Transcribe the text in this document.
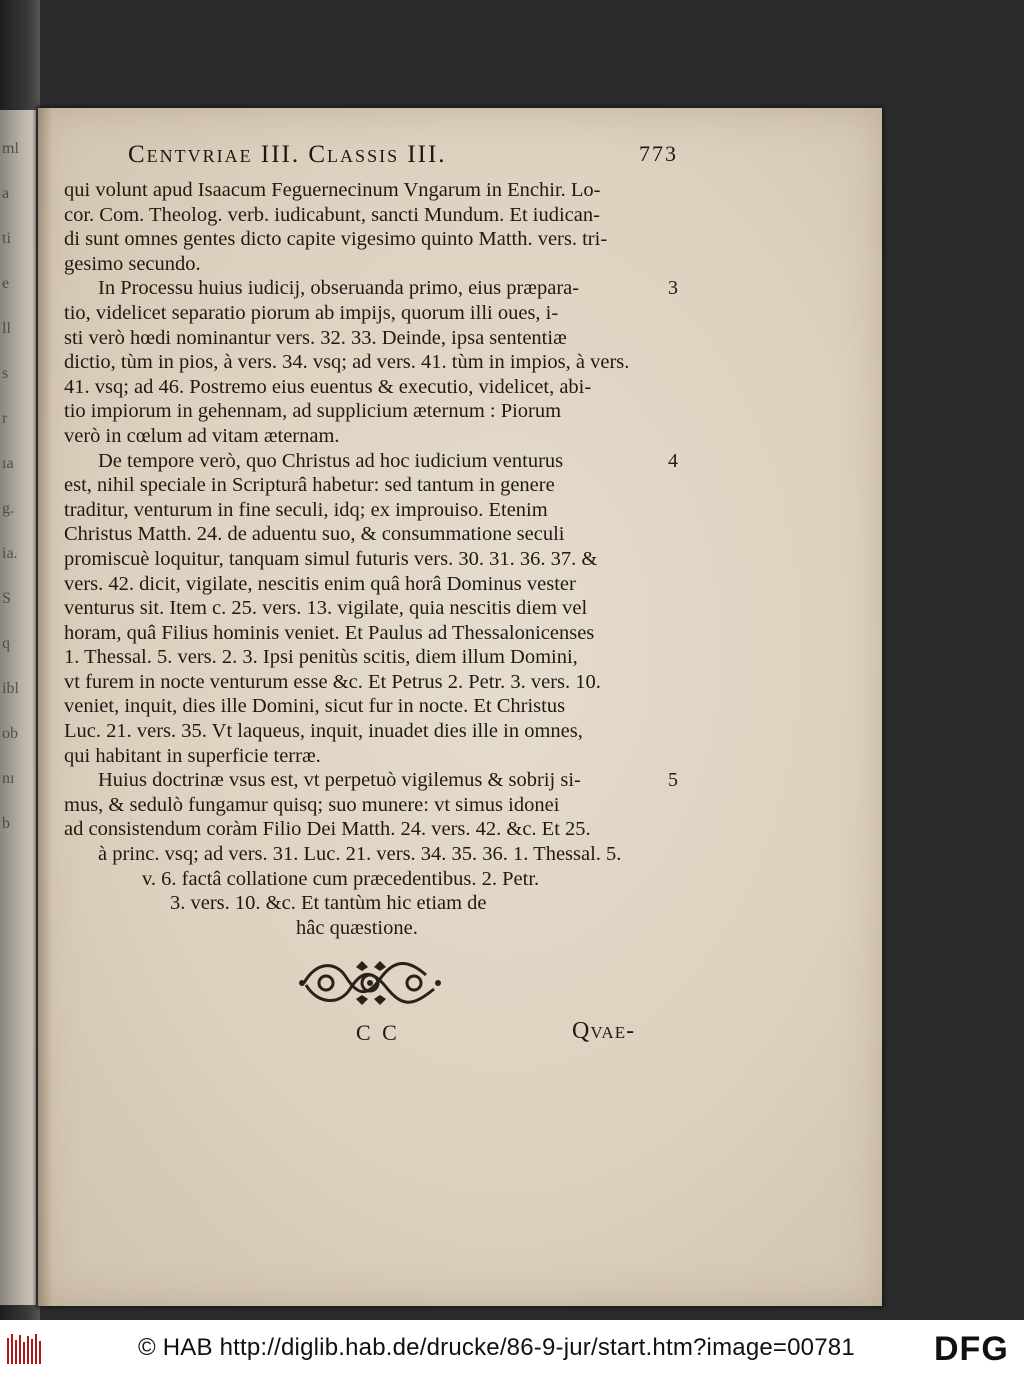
ml
a
ti
e
ll
s
r
ıa
g.
ia.
S
q
ibl
ob
nı
b
Centvriae III. Classis III.	773
qui volunt apud Isaacum Feguernecinum Vngarum in Enchir. Lo-
cor. Com. Theolog. verb. iudicabunt, sancti Mundum. Et iudican-
di sunt omnes gentes dicto capite vigesimo quinto Matth. vers. tri-
gesimo secundo.
In Processu huius iudicij, obseruanda primo, eius præpara-	3
tio, videlicet separatio piorum ab impijs, quorum illi oues, i-
sti verò hœdi nominantur vers. 32. 33. Deinde, ipsa sententiæ
dictio, tùm in pios, à vers. 34. vsq; ad vers. 41. tùm in impios, à vers.
41. vsq; ad 46. Postremo eius euentus & executio, videlicet, abi-
tio impiorum in gehennam, ad supplicium æternum : Piorum
verò in cœlum ad vitam æternam.
De tempore verò, quo Christus ad hoc iudicium venturus	4
est, nihil speciale in Scripturâ habetur: sed tantum in genere
traditur, venturum in fine seculi, idq; ex improuiso. Etenim
Christus Matth. 24. de aduentu suo, & consummatione seculi
promiscuè loquitur, tanquam simul futuris vers. 30. 31. 36. 37. &
vers. 42. dicit, vigilate, nescitis enim quâ horâ Dominus vester
venturus sit. Item c. 25. vers. 13. vigilate, quia nescitis diem vel
horam, quâ Filius hominis veniet. Et Paulus ad Thessalonicenses
1. Thessal. 5. vers. 2. 3. Ipsi penitùs scitis, diem illum Domini,
vt furem in nocte venturum esse &c. Et Petrus 2. Petr. 3. vers. 10.
veniet, inquit, dies ille Domini, sicut fur in nocte. Et Christus
Luc. 21. vers. 35. Vt laqueus, inquit, inuadet dies ille in omnes,
qui habitant in superficie terræ.
Huius doctrinæ vsus est, vt perpetuò vigilemus & sobrij si-	5
mus, & sedulò fungamur quisq; suo munere: vt simus idonei
ad consistendum coràm Filio Dei Matth. 24. vers. 42. &c. Et 25.
à princ. vsq; ad vers. 31. Luc. 21. vers. 34. 35. 36. 1. Thessal. 5.
v. 6. factâ collatione cum præcedentibus. 2. Petr.
3. vers. 10. &c. Et tantùm hic etiam de
hâc quæstione.
C C	Qvae-
© HAB http://diglib.hab.de/drucke/86-9-jur/start.htm?image=00781 DFG
